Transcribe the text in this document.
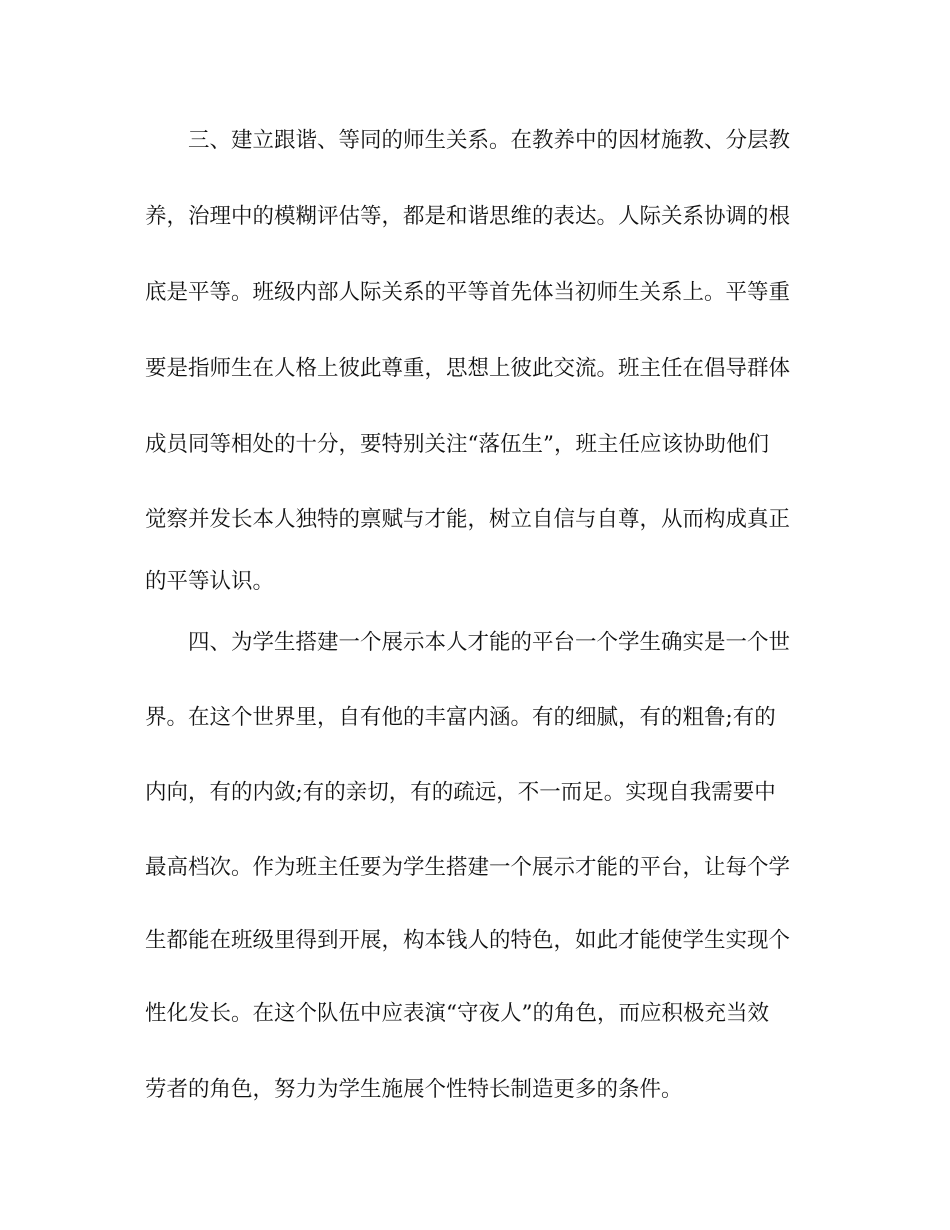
　　三、建立跟谐、等同的师生关系。在教养中的因材施教、分层教
养，治理中的模糊评估等，都是和谐思维的表达。人际关系协调的根
底是平等。班级内部人际关系的平等首先体当初师生关系上。平等重
要是指师生在人格上彼此尊重，思想上彼此交流。班主任在倡导群体
成员同等相处的十分，要特别关注“落伍生”，班主任应该协助他们
觉察并发长本人独特的禀赋与才能，树立自信与自尊，从而构成真正
的平等认识。
　　四、为学生搭建一个展示本人才能的平台一个学生确实是一个世
界。在这个世界里，自有他的丰富内涵。有的细腻，有的粗鲁;有的
内向，有的内敛;有的亲切，有的疏远，不一而足。实现自我需要中
最高档次。作为班主任要为学生搭建一个展示才能的平台，让每个学
生都能在班级里得到开展，构本钱人的特色，如此才能使学生实现个
性化发长。在这个队伍中应表演“守夜人”的角色，而应积极充当效
劳者的角色，努力为学生施展个性特长制造更多的条件。
